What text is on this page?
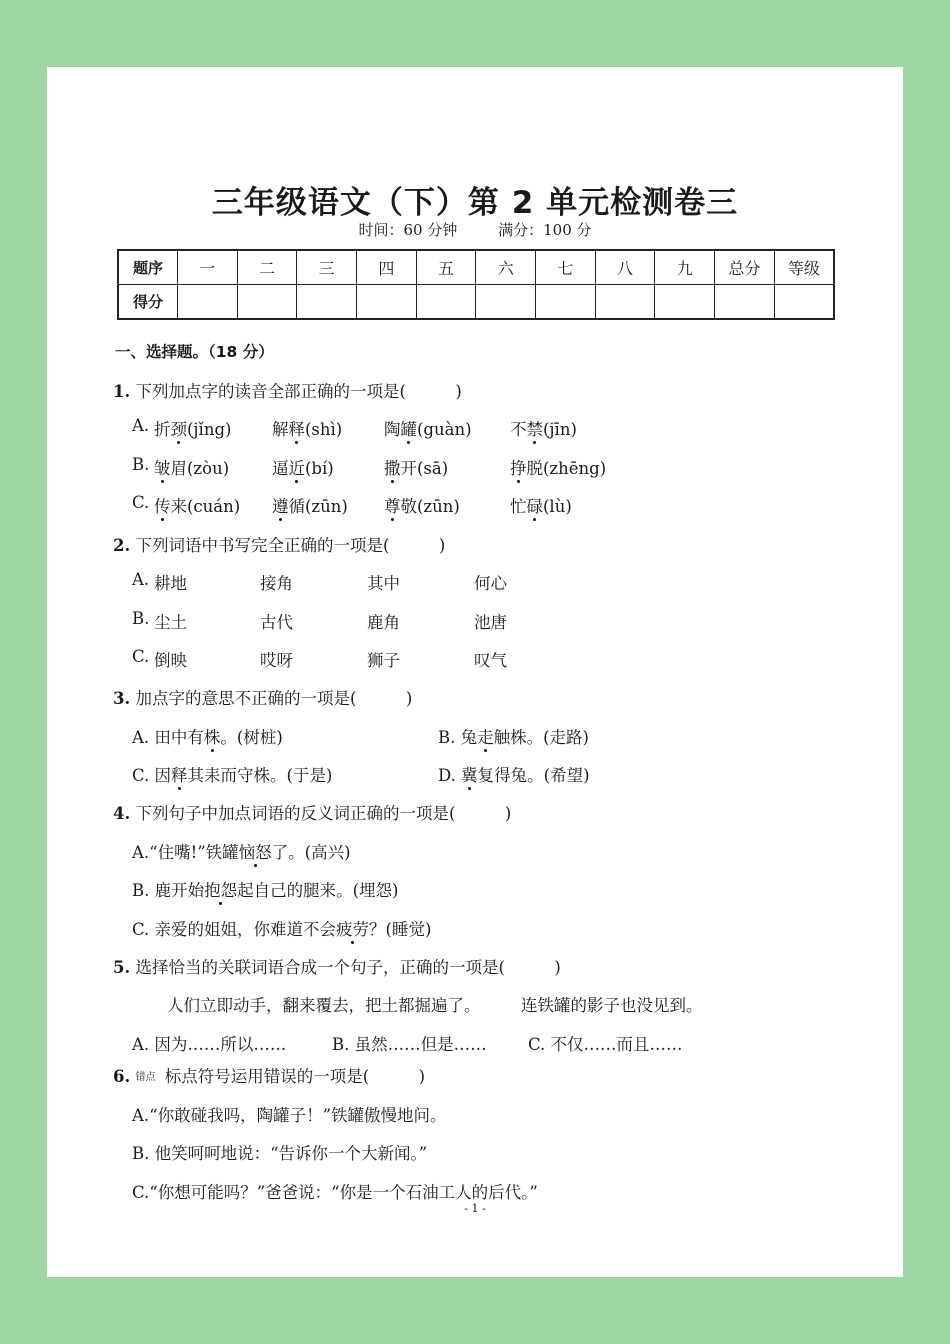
三年级语文（下）第 2 单元检测卷三
时间：60 分钟	满分：100 分
题序	一	二	三	四	五	六	七	八	九	总分	等级
得分											
一、选择题。（18 分）
1. 下列加点字的读音全部正确的一项是(　　　)
A. 折颈(jǐng) 解释(shì)	陶罐(guàn) 不禁(jīn)
B. 皱眉(zòu)	逼近(bí)	撒开(sā)	挣脱(zhēng)
C. 传来(cuán) 遵循(zūn) 尊敬(zūn)	忙碌(lù)
2. 下列词语中书写完全正确的一项是(　　　)
A. 耕地	接角	其中	何心
B. 尘土	古代	鹿角	池唐
C. 倒映	哎呀	狮子	叹气
3. 加点字的意思不正确的一项是(　　　)
A. 田中有株。(树桩)	B. 兔走触株。(走路)
C. 因释其耒而守株。(于是)	D. 冀复得兔。(希望)
4. 下列句子中加点词语的反义词正确的一项是(　　　)
A.“住嘴!”铁罐恼怒了。(高兴)
B. 鹿开始抱怨起自己的腿来。(埋怨)
C. 亲爱的姐姐，你难道不会疲劳？(睡觉)
5. 选择恰当的关联词语合成一个句子，正确的一项是(　　　)
人们立即动手，翻来覆去，把土都掘遍了。 连铁罐的影子也没见到。
A. 因为……所以……	B. 虽然……但是……	C. 不仅……而且……
6. 错点 标点符号运用错误的一项是(　　　)
A.“你敢碰我吗，陶罐子！”铁罐傲慢地问。
B. 他笑呵呵地说：“告诉你一个大新闻。”
C.“你想可能吗？”爸爸说：“你是一个石油工人的后代。”
- 1 -
